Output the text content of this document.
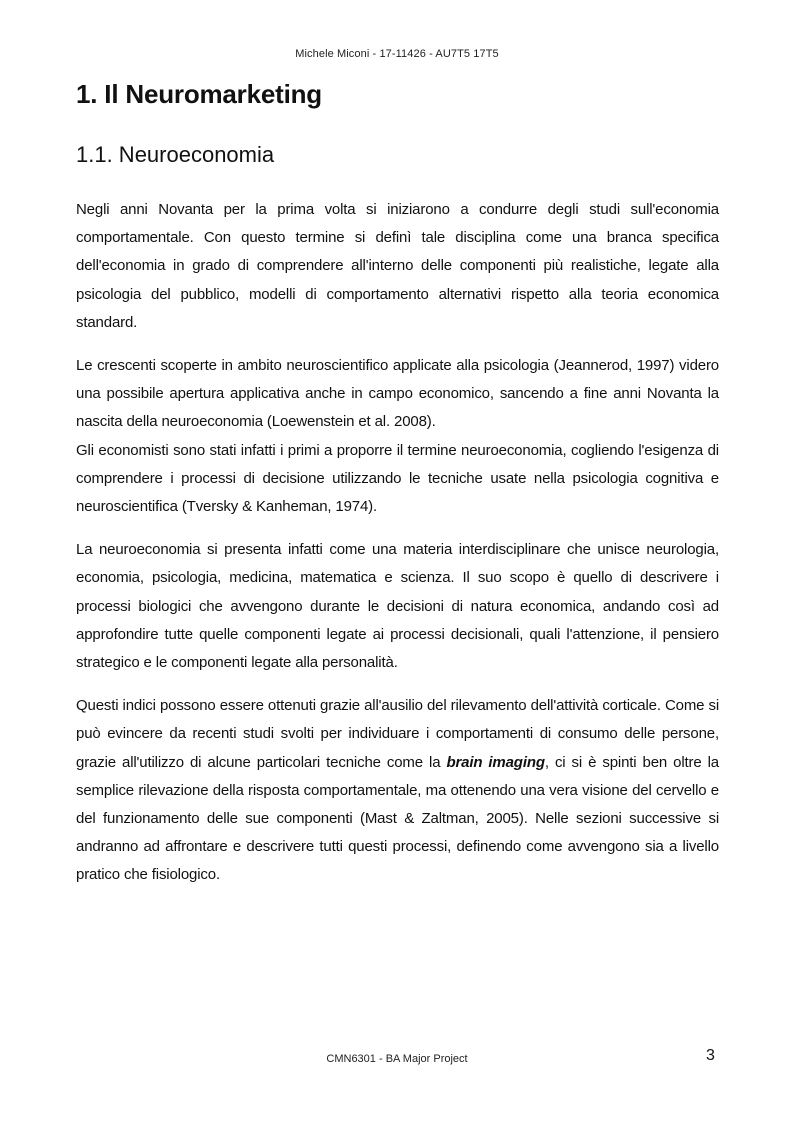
Michele Miconi - 17-11426 - AU7T5 17T5
1. Il Neuromarketing
1.1. Neuroeconomia

Negli anni Novanta per la prima volta si iniziarono a condurre degli studi sull'economia comportamentale. Con questo termine si definì tale disciplina come una branca specifica dell'economia in grado di comprendere all'interno delle componenti più realistiche, legate alla psicologia del pubblico, modelli di comportamento alternativi rispetto alla teoria economica standard.

Le crescenti scoperte in ambito neuroscientifico applicate alla psicologia (Jeannerod, 1997) videro una possibile apertura applicativa anche in campo economico, sancendo a fine anni Novanta la nascita della neuroeconomia (Loewenstein et al. 2008).

Gli economisti sono stati infatti i primi a proporre il termine neuroeconomia, cogliendo l'esigenza di comprendere i processi di decisione utilizzando le tecniche usate nella psicologia cognitiva e neuroscientifica (Tversky & Kanheman, 1974).

La neuroeconomia si presenta infatti come una materia interdisciplinare che unisce neurologia, economia, psicologia, medicina, matematica e scienza. Il suo scopo è quello di descrivere i processi biologici che avvengono durante le decisioni di natura economica, andando così ad approfondire tutte quelle componenti legate ai processi decisionali, quali l'attenzione, il pensiero strategico e le componenti legate alla personalità.

Questi indici possono essere ottenuti grazie all'ausilio del rilevamento dell'attività corticale. Come si può evincere da recenti studi svolti per individuare i comportamenti di consumo delle persone, grazie all'utilizzo di alcune particolari tecniche come la brain imaging, ci si è spinti ben oltre la semplice rilevazione della risposta comportamentale, ma ottenendo una vera visione del cervello e del funzionamento delle sue componenti (Mast & Zaltman, 2005). Nelle sezioni successive si andranno ad affrontare e descrivere tutti questi processi, definendo come avvengono sia a livello pratico che fisiologico.

CMN6301 - BA Major Project	3
